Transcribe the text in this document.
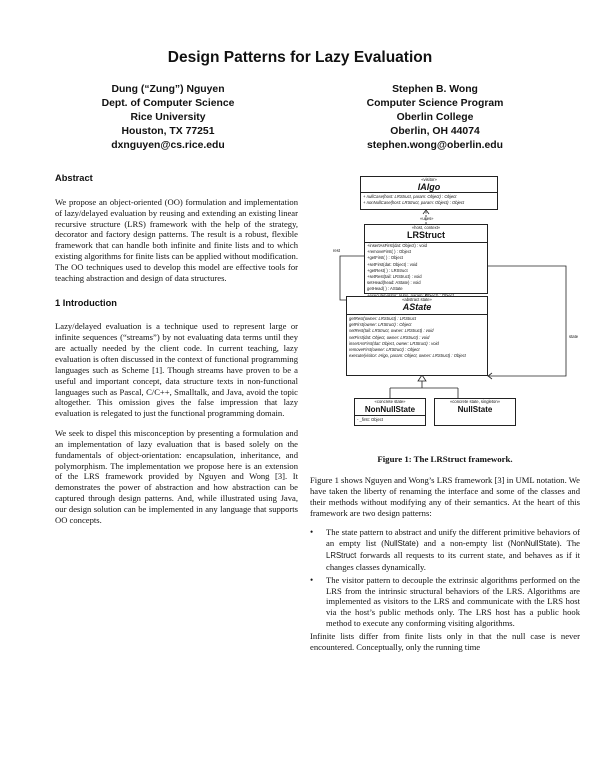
Design Patterns for Lazy Evaluation
Dung (“Zung”) Nguyen
Dept. of Computer Science
Rice University
Houston, TX 77251
dxnguyen@cs.rice.edu
Stephen B. Wong
Computer Science Program
Oberlin College
Oberlin, OH 44074
stephen.wong@oberlin.edu
Abstract

We propose an object-oriented (OO) formulation and implementation of lazy/delayed evaluation by reusing and extending an existing linear recursive structure (LRS) framework with the help of the strategy, decorator and factory design patterns. The result is a robust, flexible framework that can handle both infinite and finite lists and to which existing algorithms for finite lists can be applied without modification. The OO techniques used to develop this model are effective tools for teaching abstraction and design of data structures.

1 Introduction

Lazy/delayed evaluation is a technique used to represent large or infinite sequences (“streams”) by not evaluating data terms until they are actually needed by the client code. In current teaching, lazy evaluation is often discussed in the context of functional programming languages such as Scheme [1]. Though streams have proven to be a useful and important concept, data structure texts in non-functional languages such as Pascal, C/C++, Smalltalk, and Java, avoid the topic altogether. This omission gives the false impression that lazy evaluation is relegated to just the functional programming domain.

We seek to dispel this misconception by presenting a formulation and an implementation of lazy evaluation that is based solely on the fundamentals of object-orientation: encapsulation, inheritance, and polymorphism. The implementation we propose here is an extension of the LRS framework provided by Nguyen and Wong [3]. It demonstrates the power of abstraction and how abstraction can be captured through design patterns. And, while illustrated using Java, our design solution can be implemented in any language that supports OO concepts.

«visitor»
IAlgo
+ nullCase(host: LRStruct, param: Object) : Object
+ nonNullCase(host: LRStruct, param: Object) : Object
«uses»
«host, context»
LRStruct
+insertAsFirst(dat: Object) : void
+removeFirst( ) : Object
+getFirst( ) : Object
+setFirst(dat: Object) : void
+getRest( ) : LRStruct
+setRest(tail: LRStruct) : void
setHead(head: AState) : void
getHead( ) : AState
rest
state
«abstract state»
AState
getRest(owner: LRStruct) : LRStruct
getFirst(owner: LRStruct) : Object
setRest(tail: LRStruct, owner: LRStruct) : void
setFirst(dat: Object, owner: LRStruct) : void
insertAsFirst(dat: Object, owner: LRStruct) : void
removeFirst(owner: LRStruct) : Object
execute(visitor: IAlgo, param: Object, owner: LRStruct) : Object
«concrete state»
NonNullState
- _first: Object
«concrete state, singleton»
NullState
Figure 1: The LRStruct framework.

Figure 1 shows Nguyen and Wong’s LRS framework [3] in UML notation. We have taken the liberty of renaming the interface and some of the classes and their methods without modifying any of their semantics. At the heart of this framework are two design patterns:

•	The state pattern to abstract and unify the different primitive behaviors of an empty list (NullState) and a non-empty list (NonNullState). The LRStruct forwards all requests to its current state, and behaves as if it changes classes dynamically.
•	The visitor pattern to decouple the extrinsic algorithms performed on the LRS from the intrinsic structural behaviors of the LRS. Algorithms are implemented as visitors to the LRS and communicate with the LRS host via the host’s public methods only. The LRS host has a public hook method to execute any conforming visiting algorithms.

Infinite lists differ from finite lists only in that the null case is never encountered. Conceptually, only the running time
